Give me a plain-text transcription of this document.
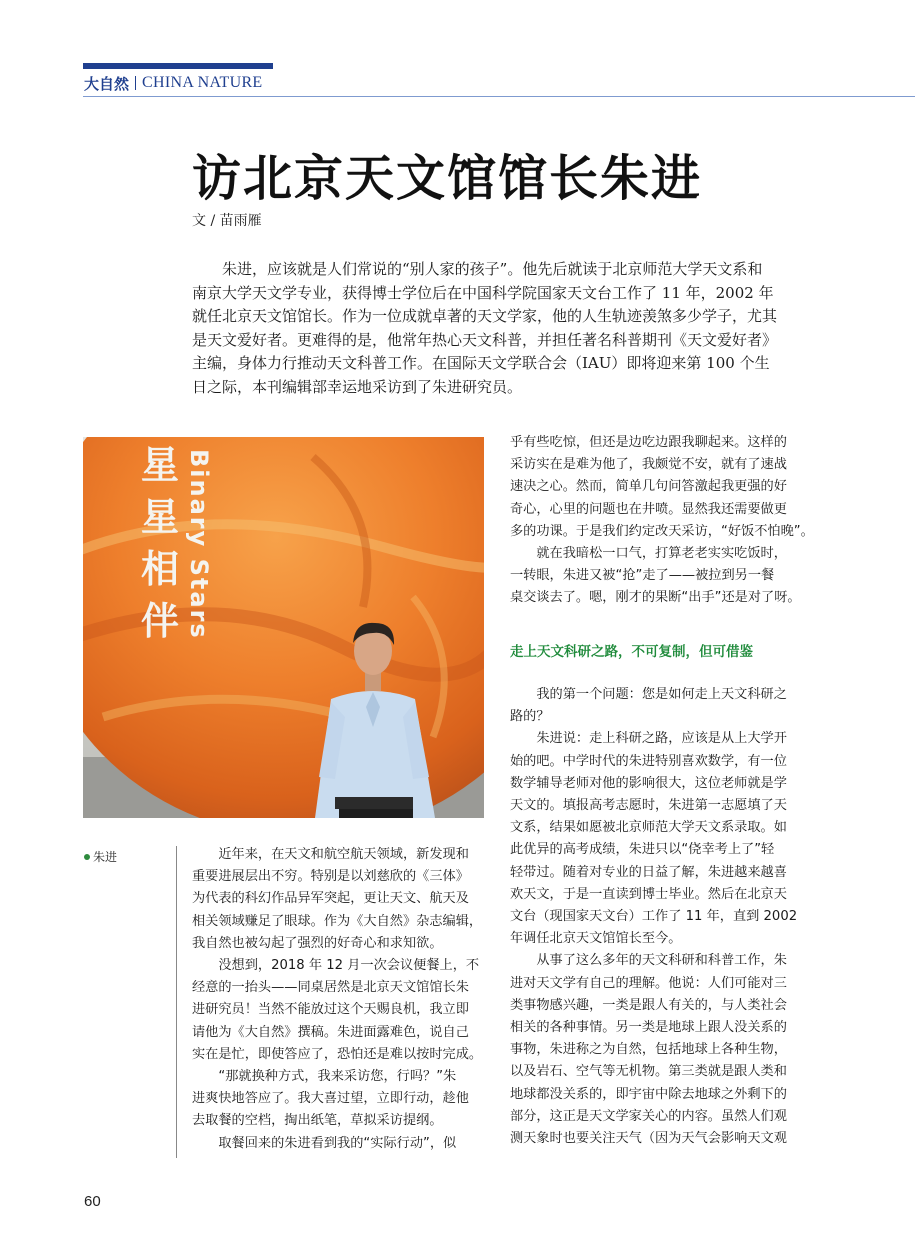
大自然 CHINA NATURE
访北京天文馆馆长朱进

文 / 苗雨雁

　　朱进，应该就是人们常说的“别人家的孩子”。他先后就读于北京师范大学天文系和
南京大学天文学专业，获得博士学位后在中国科学院国家天文台工作了 11 年，2002 年
就任北京天文馆馆长。作为一位成就卓著的天文学家，他的人生轨迹羡煞多少学子，尤其
是天文爱好者。更难得的是，他常年热心天文科普，并担任著名科普期刊《天文爱好者》
主编，身体力行推动天文科普工作。在国际天文学联合会（IAU）即将迎来第 100 个生
日之际，本刊编辑部幸运地采访到了朱进研究员。
星
星
相
伴 Binary Stars
朱进	　　近年来，在天文和航空航天领域，新发现和
重要进展层出不穷。特别是以刘慈欣的《三体》
为代表的科幻作品异军突起，更让天文、航天及
相关领域赚足了眼球。作为《大自然》杂志编辑，
我自然也被勾起了强烈的好奇心和求知欲。
　　没想到，2018 年 12 月一次会议便餐上，不
经意的一抬头——同桌居然是北京天文馆馆长朱
进研究员！当然不能放过这个天赐良机，我立即
请他为《大自然》撰稿。朱进面露难色，说自己
实在是忙，即使答应了，恐怕还是难以按时完成。
　　“那就换种方式，我来采访您，行吗？”朱
进爽快地答应了。我大喜过望，立即行动，趁他
去取餐的空档，掏出纸笔，草拟采访提纲。
　　取餐回来的朱进看到我的“实际行动”，似
乎有些吃惊，但还是边吃边跟我聊起来。这样的
采访实在是难为他了，我颇觉不安，就有了速战
速决之心。然而，简单几句问答激起我更强的好
奇心，心里的问题也在井喷。显然我还需要做更
多的功课。于是我们约定改天采访，“好饭不怕晚”。
　　就在我暗松一口气，打算老老实实吃饭时，
一转眼，朱进又被“抢”走了——被拉到另一餐
桌交谈去了。嗯，刚才的果断“出手”还是对了呀。
走上天文科研之路，不可复制，但可借鉴
　　我的第一个问题：您是如何走上天文科研之
路的？
　　朱进说：走上科研之路，应该是从上大学开
始的吧。中学时代的朱进特别喜欢数学，有一位
数学辅导老师对他的影响很大，这位老师就是学
天文的。填报高考志愿时，朱进第一志愿填了天
文系，结果如愿被北京师范大学天文系录取。如
此优异的高考成绩，朱进只以“侥幸考上了”轻
轻带过。随着对专业的日益了解，朱进越来越喜
欢天文，于是一直读到博士毕业。然后在北京天
文台（现国家天文台）工作了 11 年，直到 2002
年调任北京天文馆馆长至今。
　　从事了这么多年的天文科研和科普工作，朱
进对天文学有自己的理解。他说：人们可能对三
类事物感兴趣，一类是跟人有关的，与人类社会
相关的各种事情。另一类是地球上跟人没关系的
事物，朱进称之为自然，包括地球上各种生物，
以及岩石、空气等无机物。第三类就是跟人类和
地球都没关系的，即宇宙中除去地球之外剩下的
部分，这正是天文学家关心的内容。虽然人们观
测天象时也要关注天气（因为天气会影响天文观
60
